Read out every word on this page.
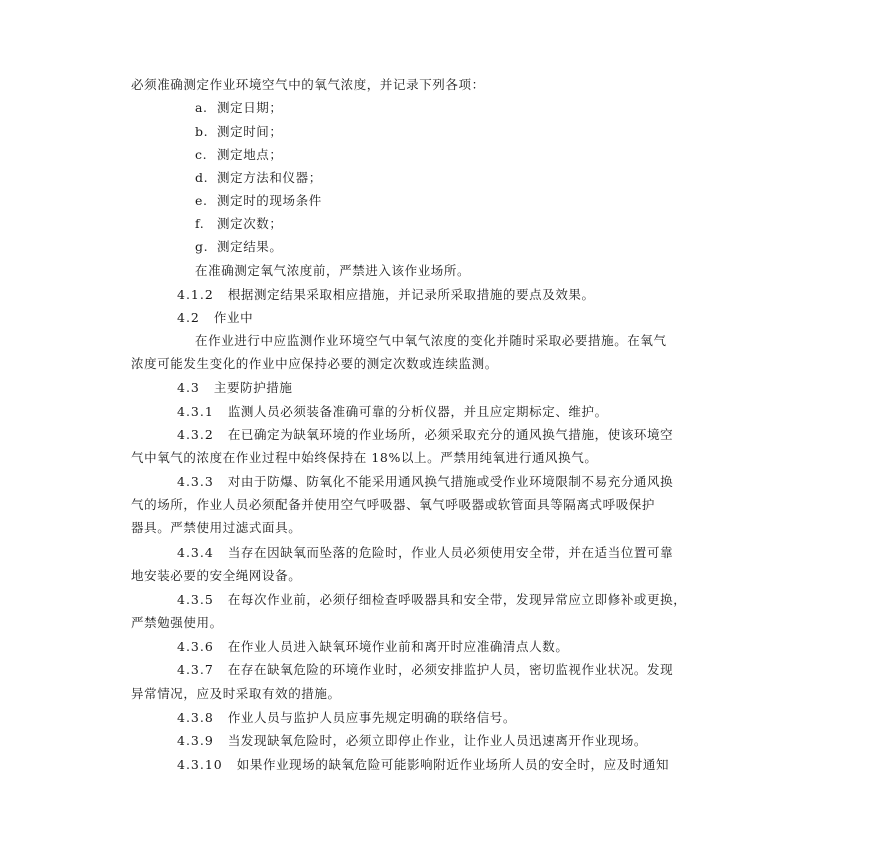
必须准确测定作业环境空气中的氧气浓度，并记录下列各项：
a. 测定日期；
b. 测定时间；
c. 测定地点；
d. 测定方法和仪器；
e. 测定时的现场条件
f. 测定次数；
g. 测定结果。
在准确测定氧气浓度前，严禁进入该作业场所。
4.1.2 根据测定结果采取相应措施，并记录所采取措施的要点及效果。
4.2 作业中
在作业进行中应监测作业环境空气中氧气浓度的变化并随时采取必要措施。在氧气
浓度可能发生变化的作业中应保持必要的测定次数或连续监测。
4.3 主要防护措施
4.3.1 监测人员必须装备准确可靠的分析仪器，并且应定期标定、维护。
4.3.2 在已确定为缺氧环境的作业场所，必须采取充分的通风换气措施，使该环境空
气中氧气的浓度在作业过程中始终保持在 18%以上。严禁用纯氧进行通风换气。
4.3.3 对由于防爆、防氧化不能采用通风换气措施或受作业环境限制不易充分通风换
气的场所，作业人员必须配备并使用空气呼吸器、氧气呼吸器或软管面具等隔离式呼吸保护
器具。严禁使用过滤式面具。
4.3.4 当存在因缺氧而坠落的危险时，作业人员必须使用安全带，并在适当位置可靠
地安装必要的安全绳网设备。
4.3.5 在每次作业前，必须仔细检查呼吸器具和安全带，发现异常应立即修补或更换，
严禁勉强使用。
4.3.6 在作业人员进入缺氧环境作业前和离开时应准确清点人数。
4.3.7 在存在缺氧危险的环境作业时，必须安排监护人员，密切监视作业状况。发现
异常情况，应及时采取有效的措施。
4.3.8 作业人员与监护人员应事先规定明确的联络信号。
4.3.9 当发现缺氧危险时，必须立即停止作业，让作业人员迅速离开作业现场。
4.3.10 如果作业现场的缺氧危险可能影响附近作业场所人员的安全时，应及时通知
